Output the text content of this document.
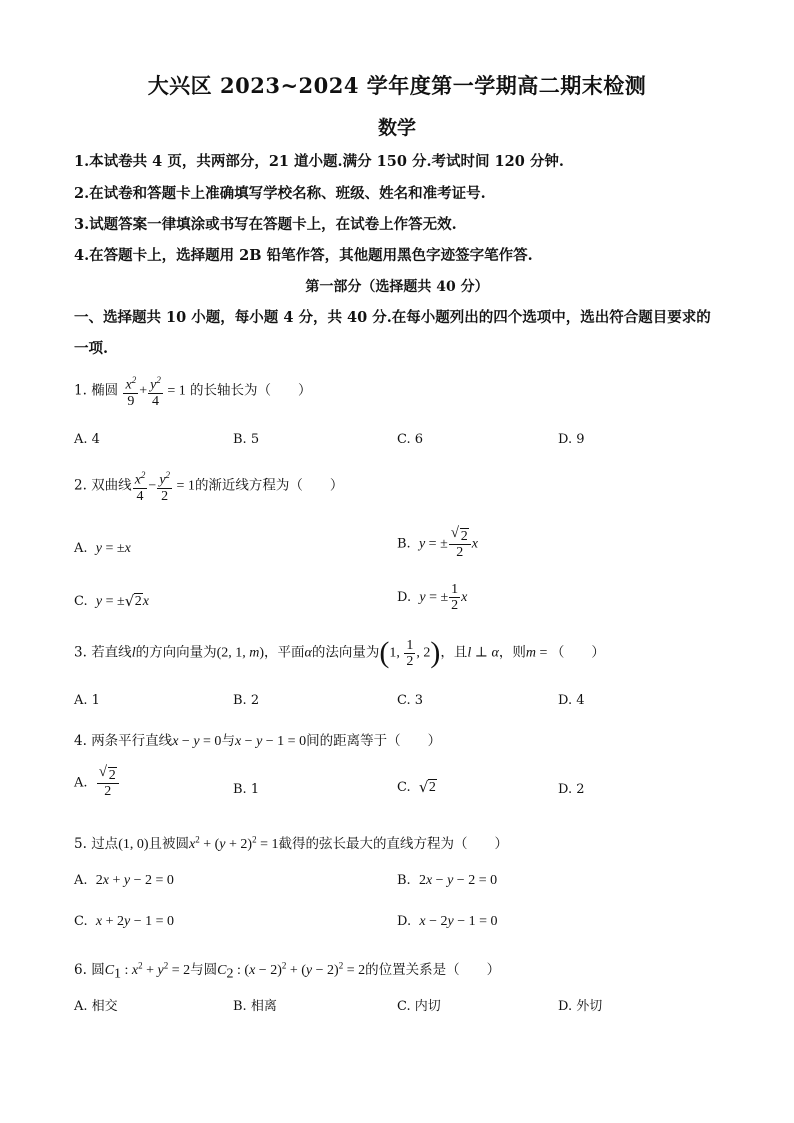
大兴区 2023~2024 学年度第一学期高二期末检测
数学
1.本试卷共 4 页，共两部分，21 道小题.满分 150 分.考试时间 120 分钟.
2.在试卷和答题卡上准确填写学校名称、班级、姓名和准考证号.
3.试题答案一律填涂或书写在答题卡上，在试卷上作答无效.
4.在答题卡上，选择题用 2B 铅笔作答，其他题用黑色字迹签字笔作答.
第一部分（选择题共 40 分）
一、选择题共 10 小题，每小题 4 分，共 40 分.在每小题列出的四个选项中，选出符合题目要求的一项.
1. 椭圆 $\frac{x^2}{9} + \frac{y^2}{4} = 1$ 的长轴长为（　　）
A. 4	B. 5	C. 6	D. 9
2. 双曲线 $\frac{x^2}{4} - \frac{y^2}{2} = 1$的渐近线方程为（　　）
A. y = ±x	B. y = ± √ $\frac{2}{2}$ x
C. y = ± √ 2x	D. y = ± $\frac{1}{2}$ x
3. 若直线l的方向向量为(2, 1, m)，平面α的法向量为(1, $\frac{1}{2}$ , 2)，且l ⊥ α，则m = （　　）
A. 1	B. 2	C. 3	D. 4
4. 两条平行直线x − y = 0与x − y − 1 = 0间的距离等于（　　）
A. √ $\frac{2}{2}$	B. 1	C. √ 2	D. 2
5. 过点(1, 0)且被圆$x^2 + (y + 2)^2 = 1$截得的弦长最大的直线方程为（　　）
A. 2x + y − 2 = 0	B. 2x − y − 2 = 0
C. x + 2y − 1 = 0	D. x − 2y − 1 = 0
6. 圆$C_1$ : $x^2 + y^2 = 2$与圆$C_2$ : $(x - 2)^2 + (y - 2)^2 = 2$的位置关系是（　　）
A. 相交	B. 相离	C. 内切	D. 外切
